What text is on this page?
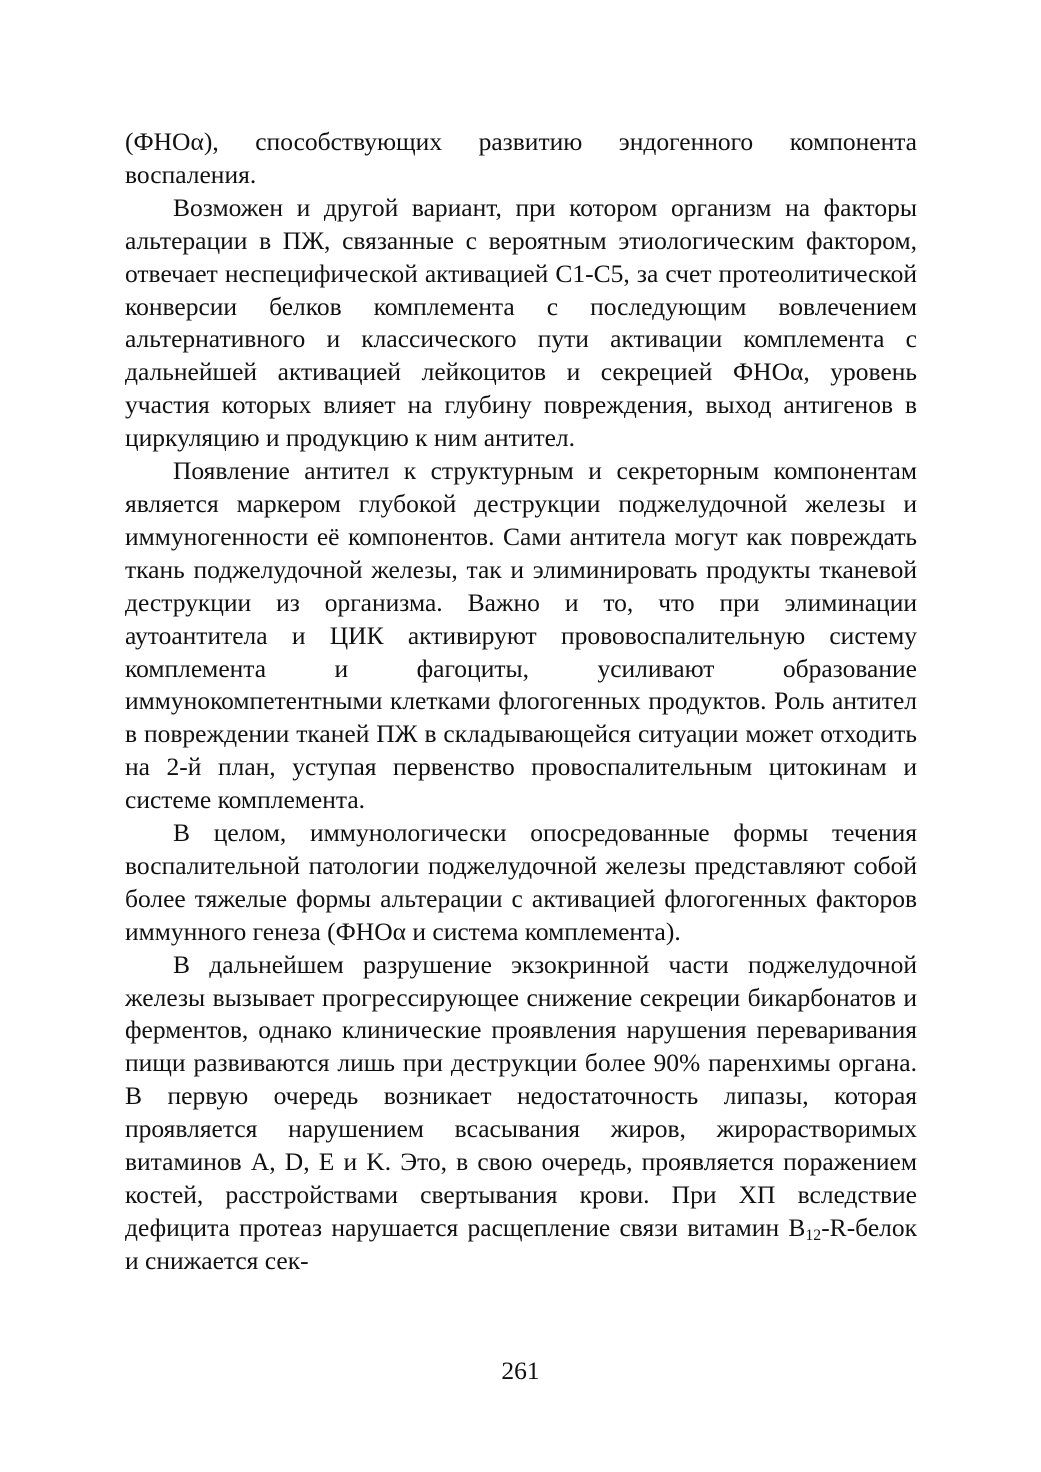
(ФНОα), способствующих развитию эндогенного компонента воспаления.

Возможен и другой вариант, при котором организм на факторы альтерации в ПЖ, связанные с вероятным этиологическим фактором, отвечает неспецифической активацией С1-С5, за счет протеолитической конверсии белков комплемента с последующим вовлечением альтернативного и классического пути активации комплемента с дальнейшей активацией лейкоцитов и секрецией ФНОα, уровень участия которых влияет на глубину повреждения, выход антигенов в циркуляцию и продукцию к ним антител.

Появление антител к структурным и секреторным компонентам является маркером глубокой деструкции поджелудочной железы и иммуногенности её компонентов. Сами антитела могут как повреждать ткань поджелудочной железы, так и элиминировать продукты тканевой деструкции из организма. Важно и то, что при элиминации аутоантитела и ЦИК активируют прововоспалительную систему комплемента и фагоциты, усиливают образование иммунокомпетентными клетками флогогенных продуктов. Роль антител в повреждении тканей ПЖ в складывающейся ситуации может отходить на 2-й план, уступая первенство провоспалительным цитокинам и системе комплемента.

В целом, иммунологически опосредованные формы течения воспалительной патологии поджелудочной железы представляют собой более тяжелые формы альтерации с активацией флогогенных факторов иммунного генеза (ФНОα и система комплемента).

В дальнейшем разрушение экзокринной части поджелудочной железы вызывает прогрессирующее снижение секреции бикарбонатов и ферментов, однако клинические проявления нарушения переваривания пищи развиваются лишь при деструкции более 90% паренхимы органа. В первую очередь возникает недостаточность липазы, которая проявляется нарушением всасывания жиров, жирорастворимых витаминов A, D, E и K. Это, в свою очередь, проявляется поражением костей, расстройствами свертывания крови. При ХП вследствие дефицита протеаз нарушается расщепление связи витамин $B_{12}-R$-белок и снижается сек-

261
